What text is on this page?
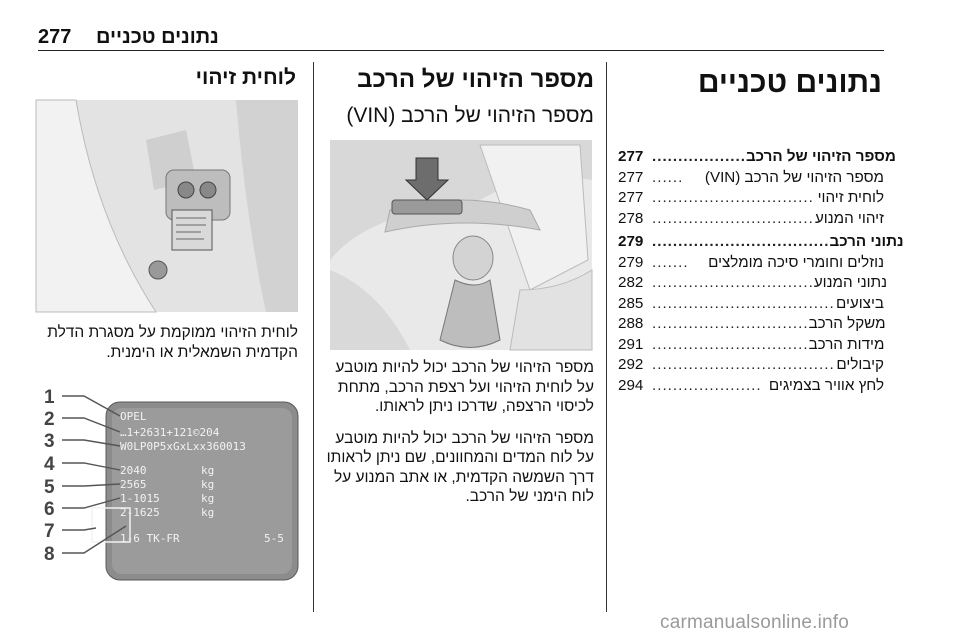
נתונים טכניים
277
נתונים טכניים
277 .................. מספר הזיהוי של הרכב
277 ......	מספר הזיהוי של הרכב (VIN)
277 ............................... לוחית זיהוי
278 ............................... זיהוי המנוע
279 .................................. נתוני הרכב
279 .......	נוזלים וחומרי סיכה מומלצים
282 ............................... נתוני המנוע
285 ................................... ביצועים
288 .............................. משקל הרכב
291 .............................. מידות הרכב
292 ................................... קיבולים
294 ..................... לחץ אוויר בצמיגים
מספר הזיהוי של הרכב
מספר הזיהוי של הרכב (VIN)

מספר הזיהוי של הרכב יכול להיות מוטבע על לוחית הזיהוי ועל רצפת הרכב, מתחת לכיסוי הרצפה, שדרכו ניתן לראותו.

מספר הזיהוי של הרכב יכול להיות מוטבע על לוח המדים והמחוונים, שם ניתן לראותו דרך השמשה הקדמית, או אתב המנוע על לוח הימני של הרכב.

לוחית זיהוי
לוחית הזיהוי ממוקמת על מסגרת הדלת הקדמית השמאלית או הימנית.
OPEL
…1+2631+121©204
W0LP0P5xGxLxx360013
2040	kg
2565	kg
1-1015	kg
2-1625	kg
1-6 TK-FR	5-5
1
2
3
4
5
6
7
8
carmanualsonline.info
